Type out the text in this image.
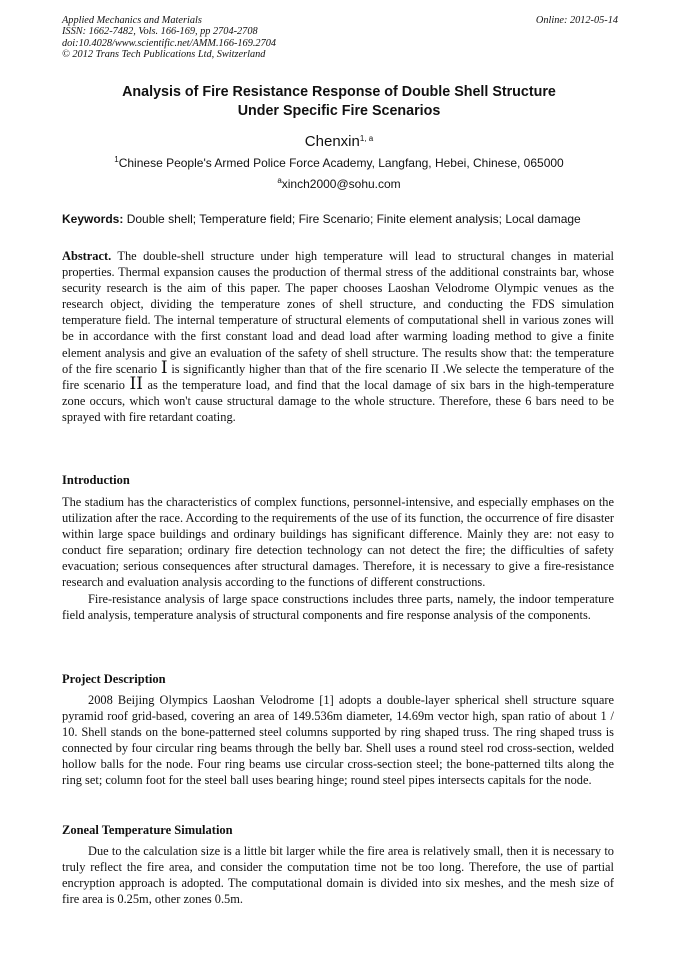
Applied Mechanics and Materials
ISSN: 1662-7482, Vols. 166-169, pp 2704-2708
doi:10.4028/www.scientific.net/AMM.166-169.2704
© 2012 Trans Tech Publications Ltd, Switzerland
Online: 2012-05-14
Analysis of Fire Resistance Response of Double Shell Structure
Under Specific Fire Scenarios
Chenxin$^{1, a}$
$^1$Chinese People's Armed Police Force Academy, Langfang, Hebei, Chinese, 065000
$^a$xinch2000@sohu.com
Keywords: Double shell; Temperature field; Fire Scenario; Finite element analysis; Local damage

Abstract. The double-shell structure under high temperature will lead to structural changes in material properties. Thermal expansion causes the production of thermal stress of the additional constraints bar, whose security research is the aim of this paper. The paper chooses Laoshan Velodrome Olympic venues as the research object, dividing the temperature zones of shell structure, and conducting the FDS simulation temperature field. The internal temperature of structural elements of computational shell in various zones will be in accordance with the first constant load and dead load after warming loading method to give a finite element analysis and give an evaluation of the safety of shell structure. The results show that: the temperature of the fire scenario I is significantly higher than that of the fire scenario II .We selecte the temperature of the fire scenario II as the temperature load, and find that the local damage of six bars in the high-temperature zone occurs, which won't cause structural damage to the whole structure. Therefore, these 6 bars need to be sprayed with fire retardant coating.

Introduction

The stadium has the characteristics of complex functions, personnel-intensive, and especially emphases on the utilization after the race. According to the requirements of the use of its function, the occurrence of fire disaster within large space buildings and ordinary buildings has significant difference. Mainly they are: not easy to conduct fire separation; ordinary fire detection technology can not detect the fire; the difficulties of safety evacuation; serious consequences after structural damages. Therefore, it is necessary to give a fire-resistance research and evaluation analysis according to the functions of different constructions.

Fire-resistance analysis of large space constructions includes three parts, namely, the indoor temperature field analysis, temperature analysis of structural components and fire response analysis of the components.

Project Description

2008 Beijing Olympics Laoshan Velodrome [1] adopts a double-layer spherical shell structure square pyramid roof grid-based, covering an area of 149.536m diameter, 14.69m vector high, span ratio of about 1 / 10. Shell stands on the bone-patterned steel columns supported by ring shaped truss. The ring shaped truss is connected by four circular ring beams through the belly bar. Shell uses a round steel rod cross-section, welded hollow balls for the node. Four ring beams use circular cross-section steel; the bone-patterned tilts along the ring set; column foot for the steel ball uses bearing hinge; round steel pipes intersects capitals for the node.

Zoneal Temperature Simulation

Due to the calculation size is a little bit larger while the fire area is relatively small, then it is necessary to truly reflect the fire area, and consider the computation time not be too long. Therefore, the use of partial encryption approach is adopted. The computational domain is divided into six meshes, and the mesh size of fire area is 0.25m, other zones 0.5m.
